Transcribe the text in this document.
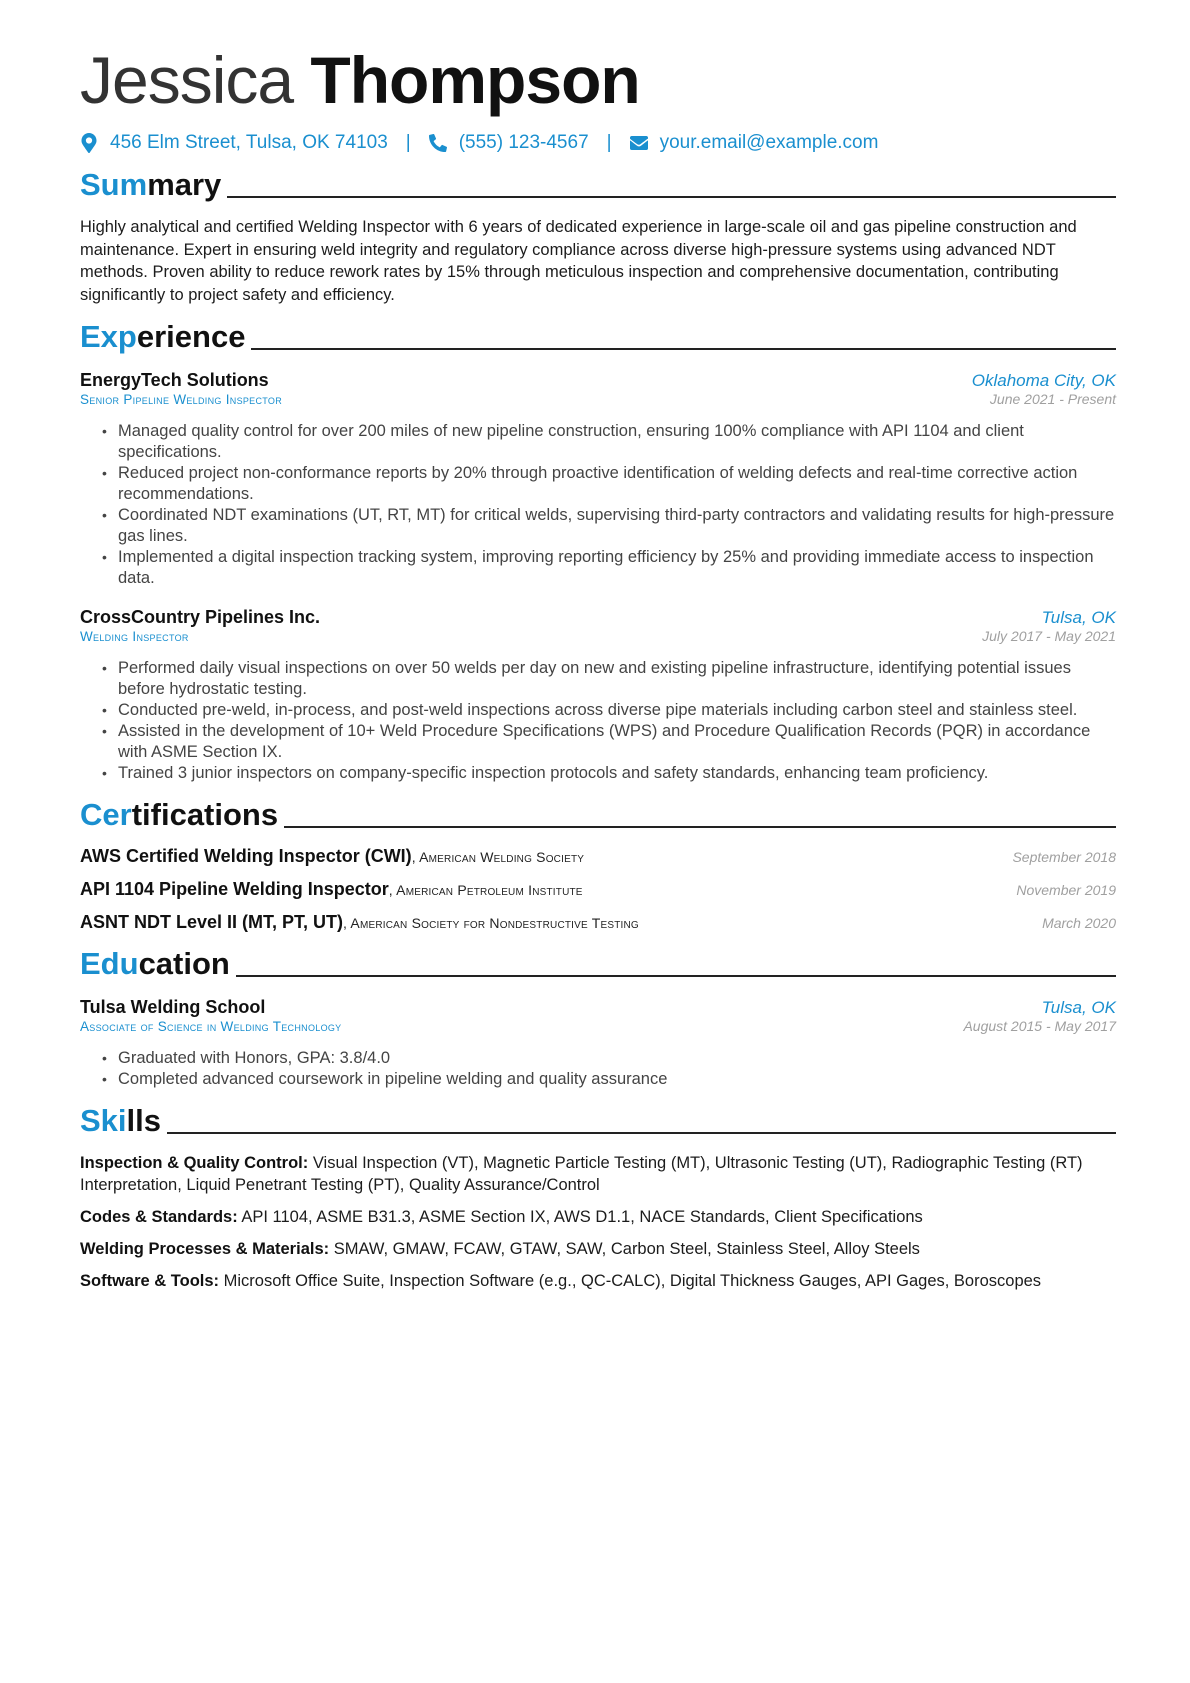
Jessica Thompson
456 Elm Street, Tulsa, OK 74103 |	(555) 123-4567 |	your.email@example.com
Summary
Highly analytical and certified Welding Inspector with 6 years of dedicated experience in large-scale oil and gas pipeline construction and maintenance. Expert in ensuring weld integrity and regulatory compliance across diverse high-pressure systems using advanced NDT methods. Proven ability to reduce rework rates by 15% through meticulous inspection and comprehensive documentation, contributing significantly to project safety and efficiency.
Experience
EnergyTech Solutions	Oklahoma City, OK
Senior Pipeline Welding Inspector	June 2021 - Present
• Managed quality control for over 200 miles of new pipeline construction, ensuring 100% compliance with API 1104 and client specifications.
• Reduced project non-conformance reports by 20% through proactive identification of welding defects and real-time corrective action recommendations.
• Coordinated NDT examinations (UT, RT, MT) for critical welds, supervising third-party contractors and validating results for high-pressure gas lines.
• Implemented a digital inspection tracking system, improving reporting efficiency by 25% and providing immediate access to inspection data.
CrossCountry Pipelines Inc.	Tulsa, OK
Welding Inspector	July 2017 - May 2021
• Performed daily visual inspections on over 50 welds per day on new and existing pipeline infrastructure, identifying potential issues before hydrostatic testing.
• Conducted pre-weld, in-process, and post-weld inspections across diverse pipe materials including carbon steel and stainless steel.
• Assisted in the development of 10+ Weld Procedure Specifications (WPS) and Procedure Qualification Records (PQR) in accordance with ASME Section IX.
• Trained 3 junior inspectors on company-specific inspection protocols and safety standards, enhancing team proficiency.
Certifications
AWS Certified Welding Inspector (CWI), American Welding Society	September 2018
API 1104 Pipeline Welding Inspector, American Petroleum Institute	November 2019
ASNT NDT Level II (MT, PT, UT), American Society for Nondestructive Testing	March 2020
Education
Tulsa Welding School	Tulsa, OK
Associate of Science in Welding Technology	August 2015 - May 2017
• Graduated with Honors, GPA: 3.8/4.0
• Completed advanced coursework in pipeline welding and quality assurance
Skills
Inspection & Quality Control: Visual Inspection (VT), Magnetic Particle Testing (MT), Ultrasonic Testing (UT), Radiographic Testing (RT) Interpretation, Liquid Penetrant Testing (PT), Quality Assurance/Control
Codes & Standards: API 1104, ASME B31.3, ASME Section IX, AWS D1.1, NACE Standards, Client Specifications
Welding Processes & Materials: SMAW, GMAW, FCAW, GTAW, SAW, Carbon Steel, Stainless Steel, Alloy Steels
Software & Tools: Microsoft Office Suite, Inspection Software (e.g., QC-CALC), Digital Thickness Gauges, API Gages, Boroscopes
